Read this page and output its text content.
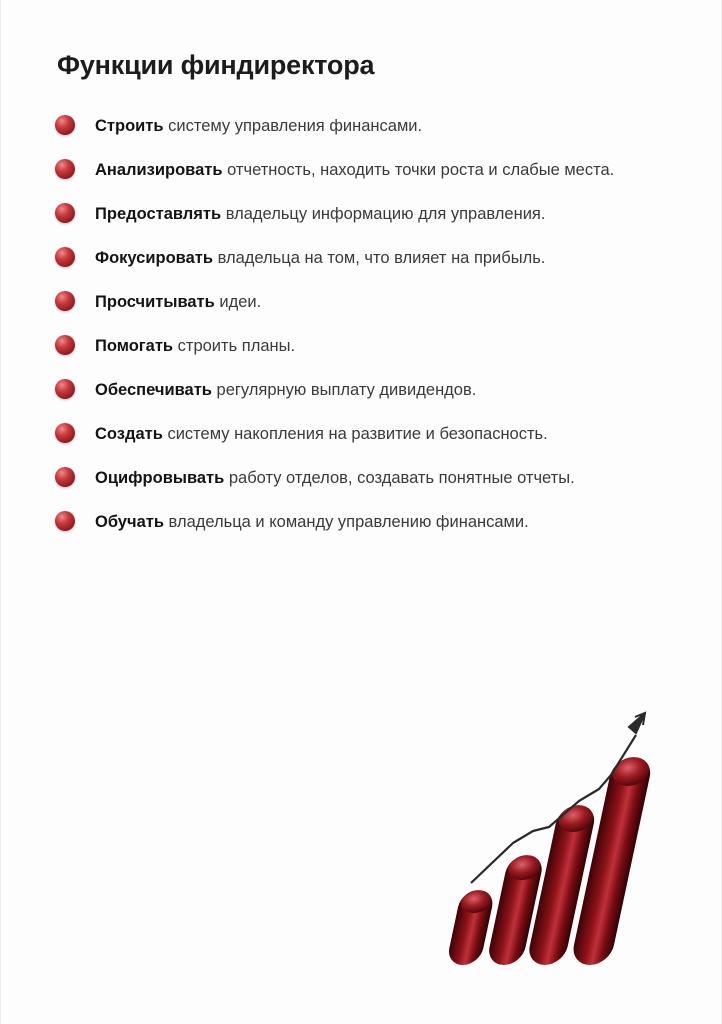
Функции финдиректора
Строить систему управления финансами.
Анализировать отчетность, находить точки роста и слабые места.
Предоставлять владельцу информацию для управления.
Фокусировать владельца на том, что влияет на прибыль.
Просчитывать идеи.
Помогать строить планы.
Обеспечивать регулярную выплату дивидендов.
Создать систему накопления на развитие и безопасность.
Оцифровывать работу отделов, создавать понятные отчеты.
Обучать владельца и команду управлению финансами.
